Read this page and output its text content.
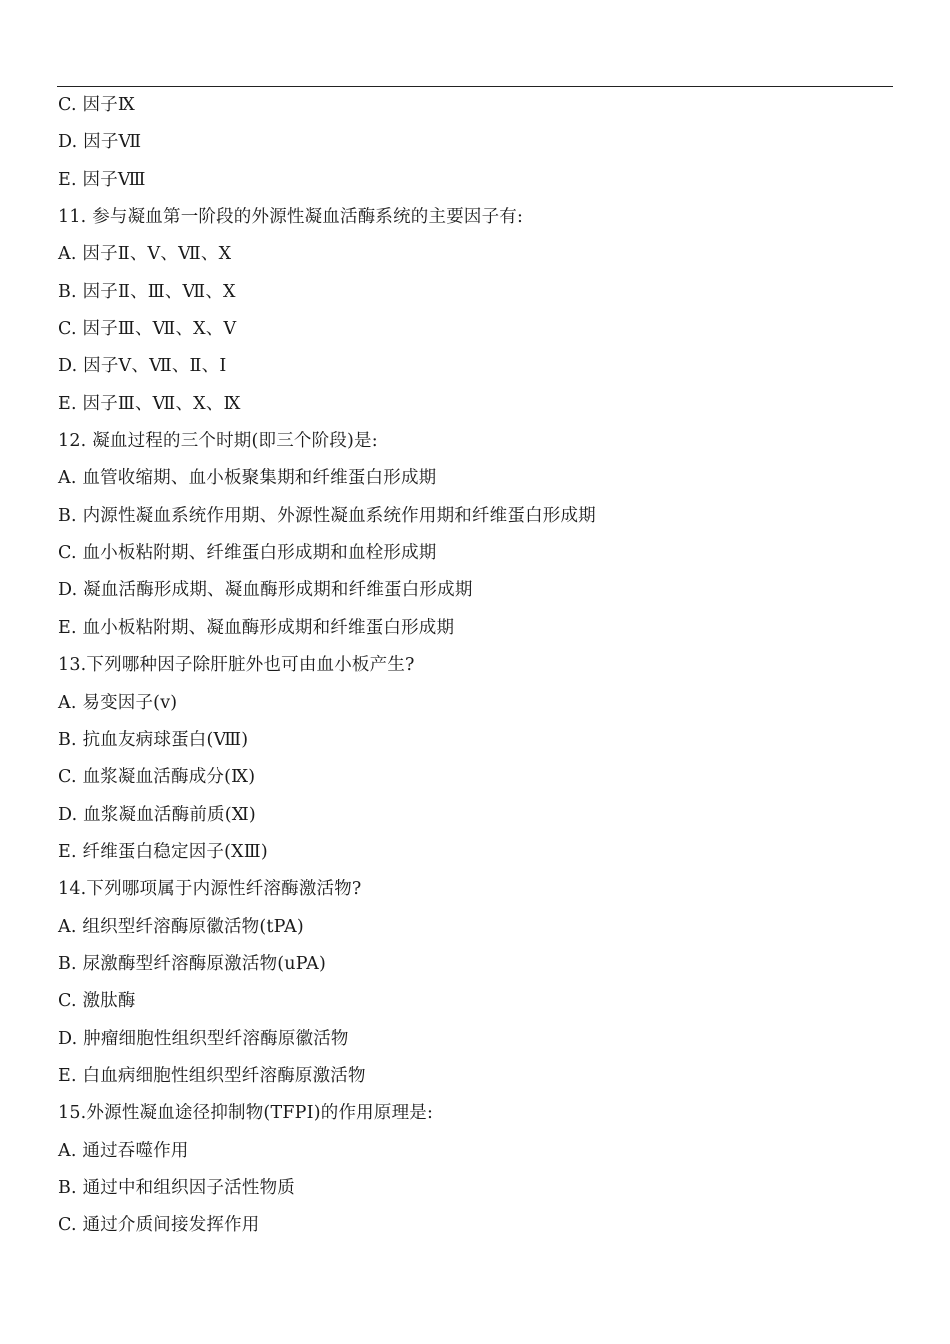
C. 因子Ⅸ
D. 因子Ⅶ
E. 因子Ⅷ
11. 参与凝血第一阶段的外源性凝血活酶系统的主要因子有:
A. 因子Ⅱ、Ⅴ、Ⅶ、Ⅹ
B. 因子Ⅱ、Ⅲ、Ⅶ、Ⅹ
C. 因子Ⅲ、Ⅶ、Ⅹ、Ⅴ
D. 因子Ⅴ、Ⅶ、Ⅱ、Ⅰ
E. 因子Ⅲ、Ⅶ、Ⅹ、Ⅸ
12. 凝血过程的三个时期(即三个阶段)是:
A. 血管收缩期、血小板聚集期和纤维蛋白形成期
B. 内源性凝血系统作用期、外源性凝血系统作用期和纤维蛋白形成期
C. 血小板粘附期、纤维蛋白形成期和血栓形成期
D. 凝血活酶形成期、凝血酶形成期和纤维蛋白形成期
E. 血小板粘附期、凝血酶形成期和纤维蛋白形成期
13.下列哪种因子除肝脏外也可由血小板产生?
A. 易变因子(v)
B. 抗血友病球蛋白(Ⅷ)
C. 血浆凝血活酶成分(Ⅸ)
D. 血浆凝血活酶前质(Ⅺ)
E. 纤维蛋白稳定因子(ⅩⅢ)
14.下列哪项属于内源性纤溶酶激活物?
A. 组织型纤溶酶原徽活物(tPA)
B. 尿激酶型纤溶酶原激活物(uPA)
C. 激肽酶
D. 肿瘤细胞性组织型纤溶酶原徽活物
E. 白血病细胞性组织型纤溶酶原激活物
15.外源性凝血途径抑制物(TFPI)的作用原理是:
A. 通过吞噬作用
B. 通过中和组织因子活性物质
C. 通过介质间接发挥作用
